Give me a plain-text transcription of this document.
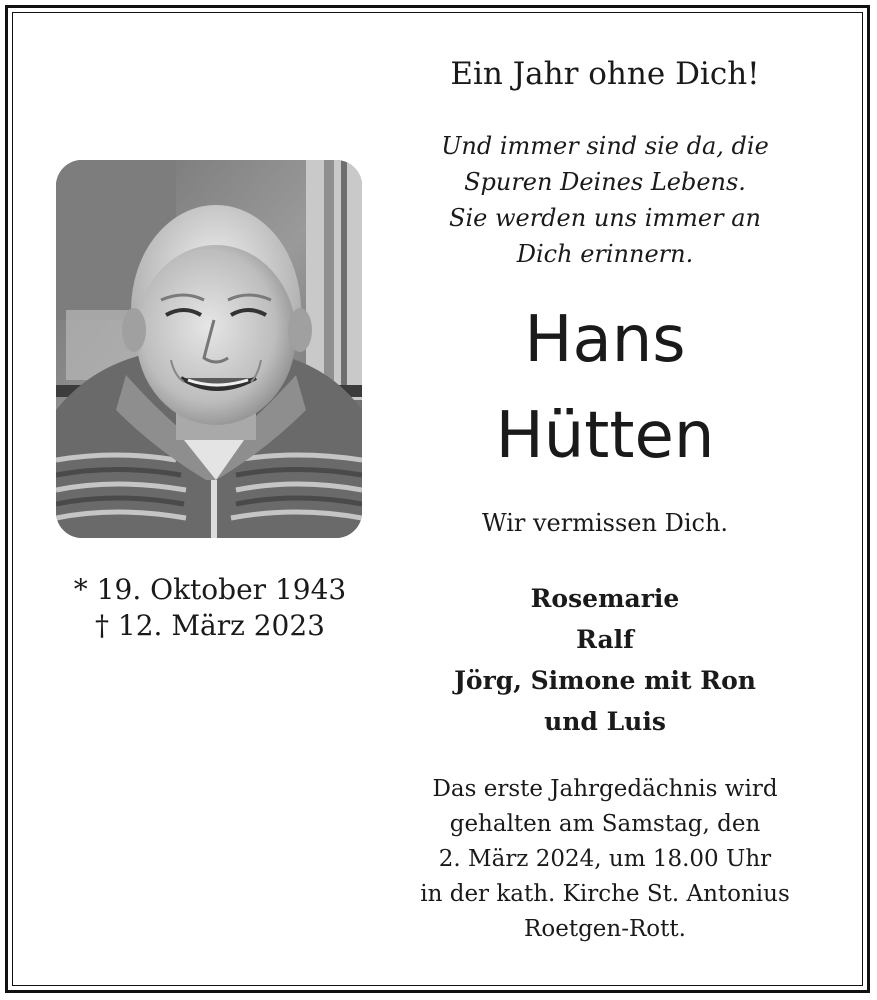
* 19. Oktober 1943
† 12. März 2023
Ein Jahr ohne Dich!
Und immer sind sie da, die
Spuren Deines Lebens.
Sie werden uns immer an
Dich erinnern.
Hans
Hütten
Wir vermissen Dich.
Rosemarie
Ralf
Jörg, Simone mit Ron
und Luis
Das erste Jahrgedächnis wird
gehalten am Samstag, den
2. März 2024, um 18.00 Uhr
in der kath. Kirche St. Antonius
Roetgen-Rott.
